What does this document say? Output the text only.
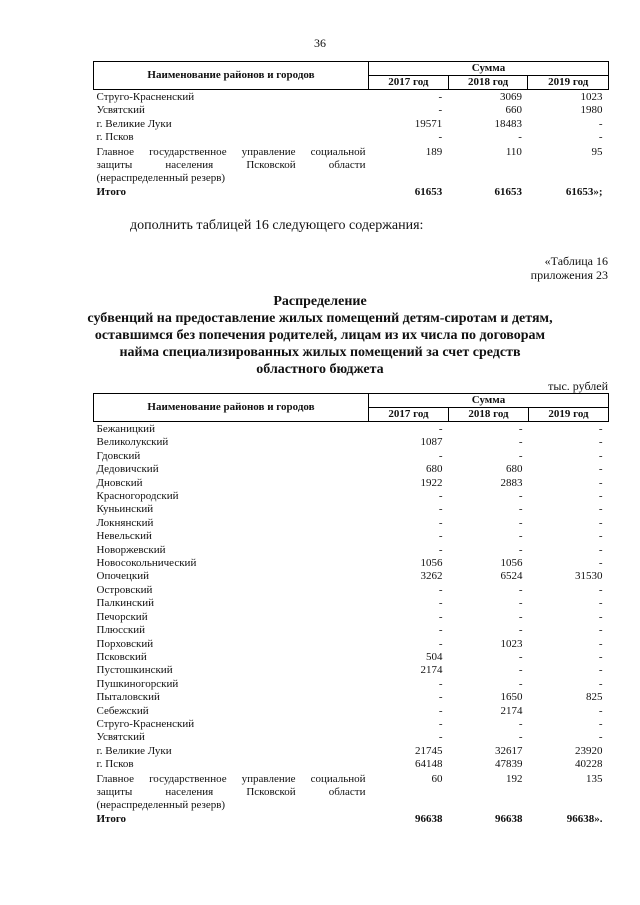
36
Наименование районов и городов	Сумма		
	2017 год	2018 год	2019 год
Струго-Красненский	-	3069	1023
Усвятский	-	660	1980
г. Великие Луки	19571	18483	-
г. Псков	-	-	-
Главное государственное управление социальной	189	110	95
защиты населения Псковской области			
(нераспределенный резерв)			
Итого	61653	61653	61653»;
дополнить таблицей 16 следующего содержания:
«Таблица 16
приложения 23
Распределение
субвенций на предоставление жилых помещений детям-сиротам и детям,
оставшимся без попечения родителей, лицам из их числа по договорам
найма специализированных жилых помещений за счет средств
областного бюджета
тыс. рублей
Наименование районов и городов	Сумма		
	2017 год	2018 год	2019 год
Бежаницкий	-	-	-
Великолукский	1087	-	-
Гдовский	-	-	-
Дедовичский	680	680	-
Дновский	1922	2883	-
Красногородский	-	-	-
Куньинский	-	-	-
Локнянский	-	-	-
Невельский	-	-	-
Новоржевский	-	-	-
Новосокольнический	1056	1056	-
Опочецкий	3262	6524	31530
Островский	-	-	-
Палкинский	-	-	-
Печорский	-	-	-
Плюсский	-	-	-
Порховский	-	1023	-
Псковский	504	-	-
Пустошкинский	2174	-	-
Пушкиногорский	-	-	-
Пыталовский	-	1650	825
Себежский	-	2174	-
Струго-Красненский	-	-	-
Усвятский	-	-	-
г. Великие Луки	21745	32617	23920
г. Псков	64148	47839	40228
Главное государственное управление социальной	60	192	135
защиты населения Псковской области			
(нераспределенный резерв)			
Итого	96638	96638	96638».
